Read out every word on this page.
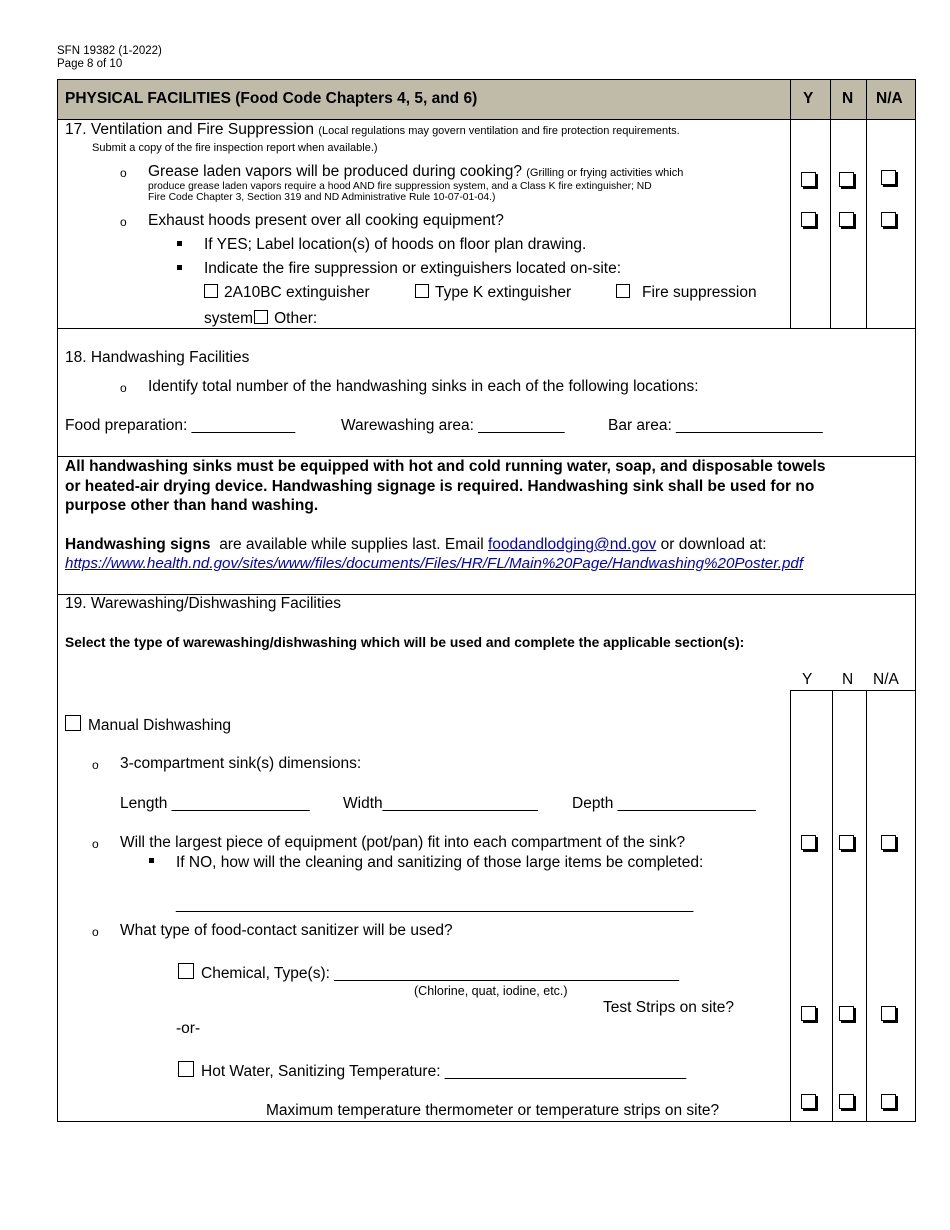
SFN 19382 (1-2022)
Page 8 of 10
PHYSICAL FACILITIES (Food Code Chapters 4, 5, and 6)	Y N N/A
17. Ventilation and Fire Suppression (Local regulations may govern ventilation and fire protection requirements.
Submit a copy of the fire inspection report when available.)
o Grease laden vapors will be produced during cooking? (Grilling or frying activities which
produce grease laden vapors require a hood AND fire suppression system, and a Class K fire extinguisher; ND
Fire Code Chapter 3, Section 319 and ND Administrative Rule 10-07-01-04.)
o Exhaust hoods present over all cooking equipment?
If YES; Label location(s) of hoods on floor plan drawing.
Indicate the fire suppression or extinguishers located on-site:
2A10BC extinguisher	Type K extinguisher	Fire suppression
system Other:
18. Handwashing Facilities
o Identify total number of the handwashing sinks in each of the following locations:
Food preparation: ____________	Warewashing area: __________	Bar area: _________________
All handwashing sinks must be equipped with hot and cold running water, soap, and disposable towels
or heated-air drying device. Handwashing signage is required. Handwashing sink shall be used for no
purpose other than hand washing.
Handwashing signs are available while supplies last. Email foodandlodging@nd.gov or download at:
https://www.health.nd.gov/sites/www/files/documents/Files/HR/FL/Main%20Page/Handwashing%20Poster.pdf
19. Warewashing/Dishwashing Facilities
Select the type of warewashing/dishwashing which will be used and complete the applicable section(s):
Y N N/A
Manual Dishwashing
o 3-compartment sink(s) dimensions:
Length ________________ Width__________________ Depth ________________
o Will the largest piece of equipment (pot/pan) fit into each compartment of the sink?
If NO, how will the cleaning and sanitizing of those large items be completed:
____________________________________________________________
o What type of food-contact sanitizer will be used?
Chemical, Type(s): ________________________________________
(Chlorine, quat, iodine, etc.)
Test Strips on site?
-or-
Hot Water, Sanitizing Temperature: ____________________________
Maximum temperature thermometer or temperature strips on site?
